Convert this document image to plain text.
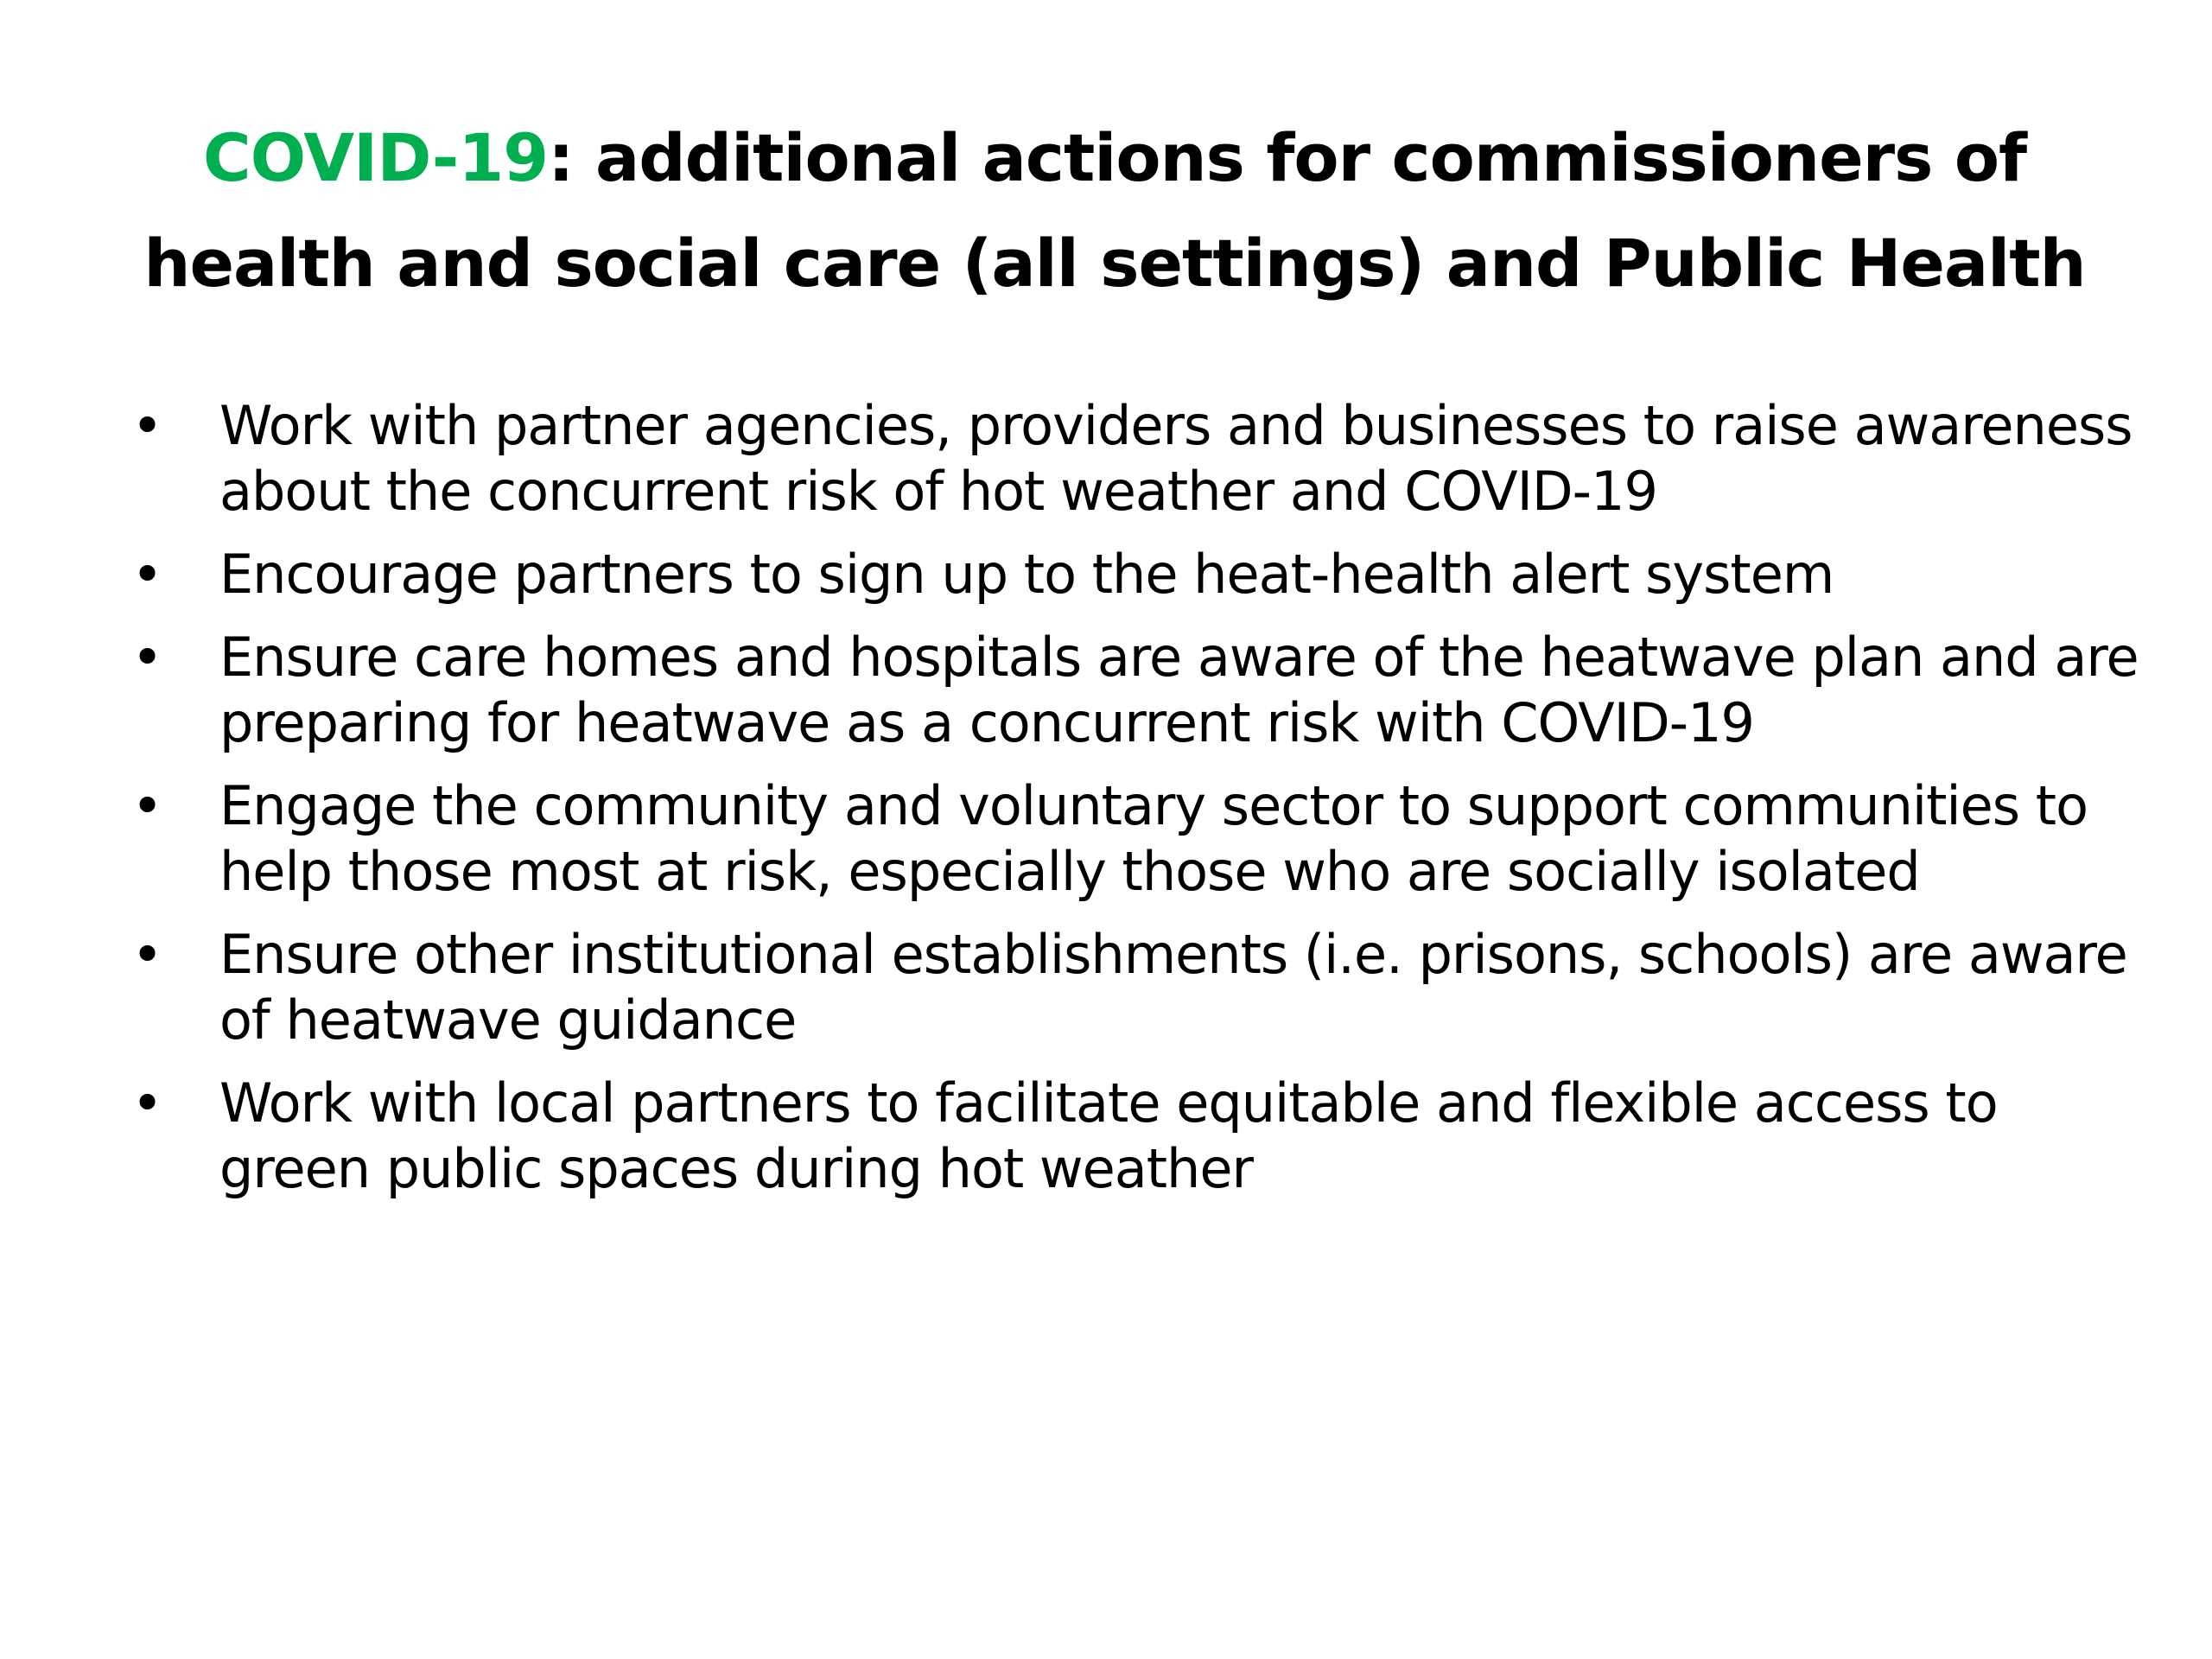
COVID-19: additional actions for commissioners of health and social care (all settings) and Public Health
• Work with partner agencies, providers and businesses to raise awareness about the concurrent risk of hot weather and COVID-19
• Encourage partners to sign up to the heat-health alert system
• Ensure care homes and hospitals are aware of the heatwave plan and are preparing for heatwave as a concurrent risk with COVID-19
• Engage the community and voluntary sector to support communities to help those most at risk, especially those who are socially isolated
• Ensure other institutional establishments (i.e. prisons, schools) are aware of heatwave guidance
• Work with local partners to facilitate equitable and flexible access to green public spaces during hot weather
